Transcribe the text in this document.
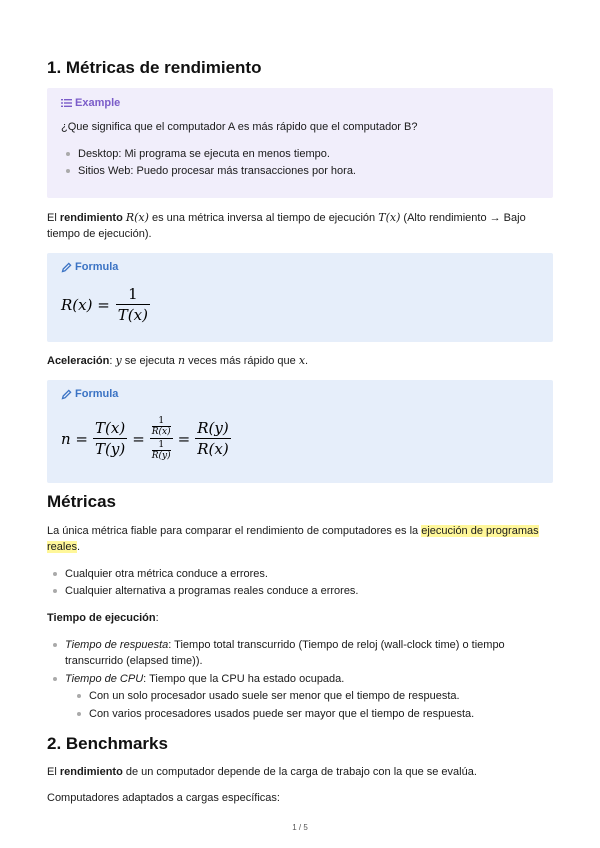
1. Métricas de rendimiento
Example
¿Que significa que el computador A es más rápido que el computador B?
Desktop: Mi programa se ejecuta en menos tiempo.
Sitios Web: Puedo procesar más transacciones por hora.
El rendimiento R(x) es una métrica inversa al tiempo de ejecución T(x) (Alto rendimiento → Bajo tiempo de ejecución).
Formula
$R(x) = \frac{1}{T(x)}$
Aceleración: y se ejecuta n veces más rápido que x.
Formula
$n = \frac{T(x)}{T(y)} = 1$
R(x)
1
$R(y) = \frac{R(y)}{R(x)}$
Métricas
La única métrica fiable para comparar el rendimiento de computadores es la ejecución de programas
reales.
Cualquier otra métrica conduce a errores.
Cualquier alternativa a programas reales conduce a errores.
Tiempo de ejecución:
Tiempo de respuesta: Tiempo total transcurrido (Tiempo de reloj (wall-clock time) o tiempo
transcurrido (elapsed time)).
Tiempo de CPU: Tiempo que la CPU ha estado ocupada.
Con un solo procesador usado suele ser menor que el tiempo de respuesta.
Con varios procesadores usados puede ser mayor que el tiempo de respuesta.
2. Benchmarks
El rendimiento de un computador depende de la carga de trabajo con la que se evalúa.
Computadores adaptados a cargas específicas:
1 / 5
